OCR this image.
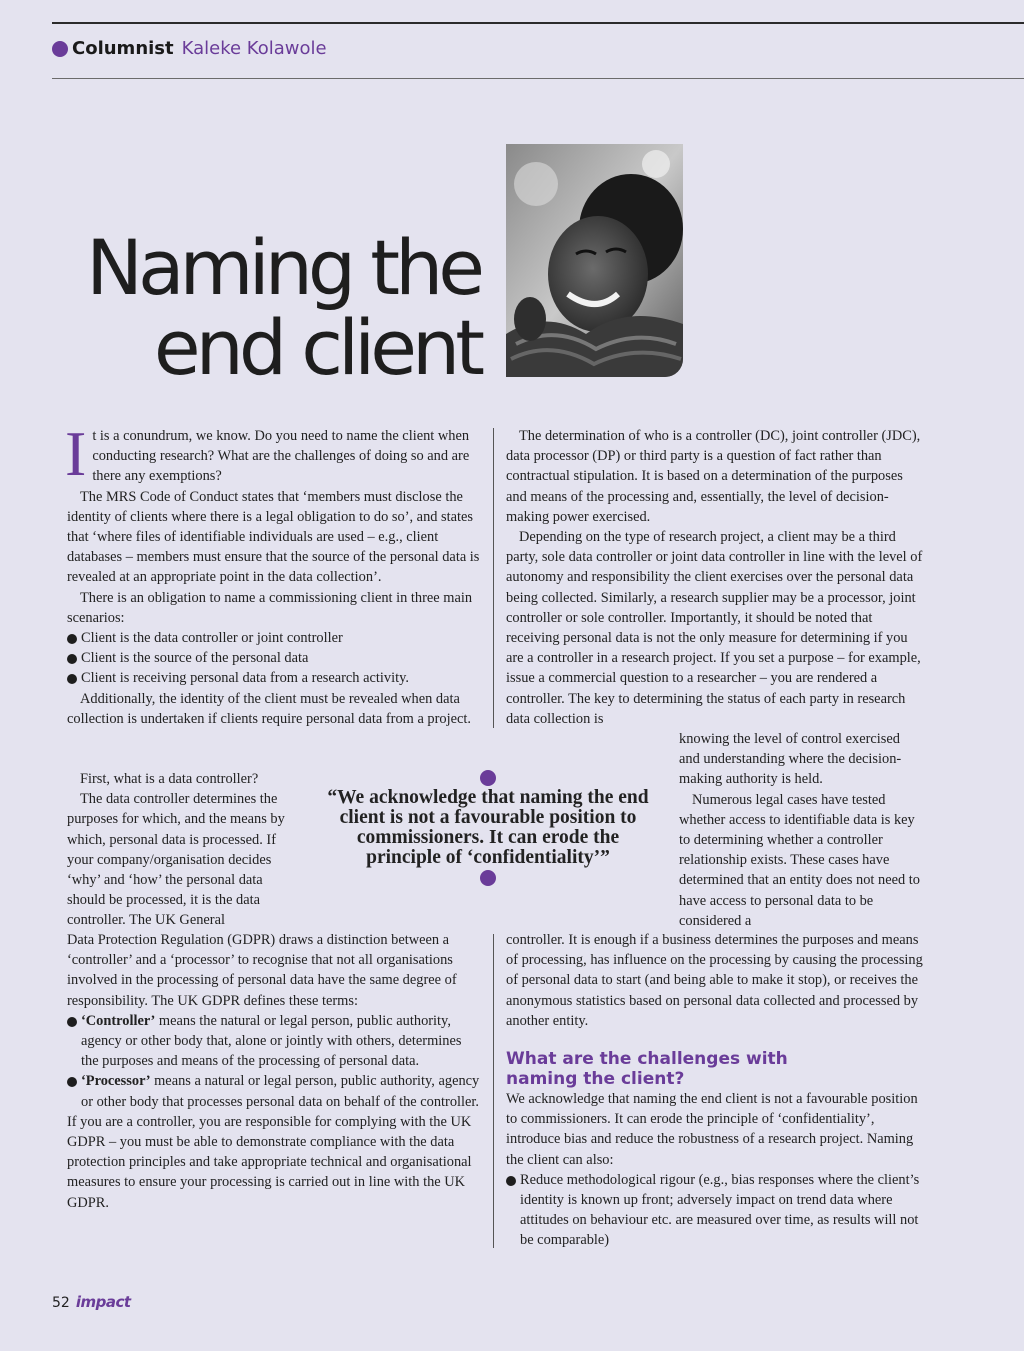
Columnist Kaleke Kolawole
Naming the
end client

It is a conundrum, we know. Do you need to name the client when conducting research? What are the challenges of doing so and are there any exemptions?

The MRS Code of Conduct states that ‘members must disclose the identity of clients where there is a legal obligation to do so’, and states that ‘where files of identifiable individuals are used – e.g., client databases – members must ensure that the source of the personal data is revealed at an appropriate point in the data collection’.

There is an obligation to name a commissioning client in three main scenarios:

Client is the data controller or joint controller

Client is the source of the personal data

Client is receiving personal data from a research activity.

Additionally, the identity of the client must be revealed when data collection is undertaken if clients require personal data from a project.

First, what is a data controller?

The data controller determines the purposes for which, and the means by which, personal data is processed. If your company/organisation decides ‘why’ and ‘how’ the personal data should be processed, it is the data controller. The UK General

Data Protection Regulation (GDPR) draws a distinction between a ‘controller’ and a ‘processor’ to recognise that not all organisations involved in the processing of personal data have the same degree of responsibility. The UK GDPR defines these terms:

‘Controller’ means the natural or legal person, public authority, agency or other body that, alone or jointly with others, determines the purposes and means of the processing of personal data.

‘Processor’ means a natural or legal person, public authority, agency or other body that processes personal data on behalf of the controller.

If you are a controller, you are responsible for complying with the UK GDPR – you must be able to demonstrate compliance with the data protection principles and take appropriate technical and organisational measures to ensure your processing is carried out in line with the UK GDPR.

The determination of who is a controller (DC), joint controller (JDC), data processor (DP) or third party is a question of fact rather than contractual stipulation. It is based on a determination of the purposes and means of the processing and, essentially, the level of decision-making power exercised.

Depending on the type of research project, a client may be a third party, sole data controller or joint data controller in line with the level of autonomy and responsibility the client exercises over the personal data being collected. Similarly, a research supplier may be a processor, joint controller or sole controller. Importantly, it should be noted that receiving personal data is not the only measure for determining if you are a controller in a research project. If you set a purpose – for example, issue a commercial question to a researcher – you are rendered a controller. The key to determining the status of each party in research data collection is

knowing the level of control exercised and understanding where the decision-making authority is held.

Numerous legal cases have tested whether access to identifiable data is key to determining whether a controller relationship exists. These cases have determined that an entity does not need to have access to personal data to be considered a

controller. It is enough if a business determines the purposes and means of processing, has influence on the processing by causing the processing of personal data to start (and being able to make it stop), or receives the anonymous statistics based on personal data collected and processed by another entity.

What are the challenges with naming the client?

We acknowledge that naming the end client is not a favourable position to commissioners. It can erode the principle of ‘confidentiality’, introduce bias and reduce the robustness of a research project. Naming the client can also:

Reduce methodological rigour (e.g., bias responses where the client’s identity is known up front; adversely impact on trend data where attitudes on behaviour etc. are measured over time, as results will not be comparable)

“We acknowledge that naming the end client is not a favourable position to commissioners. It can erode the principle of ‘confidentiality’”

52 impact
